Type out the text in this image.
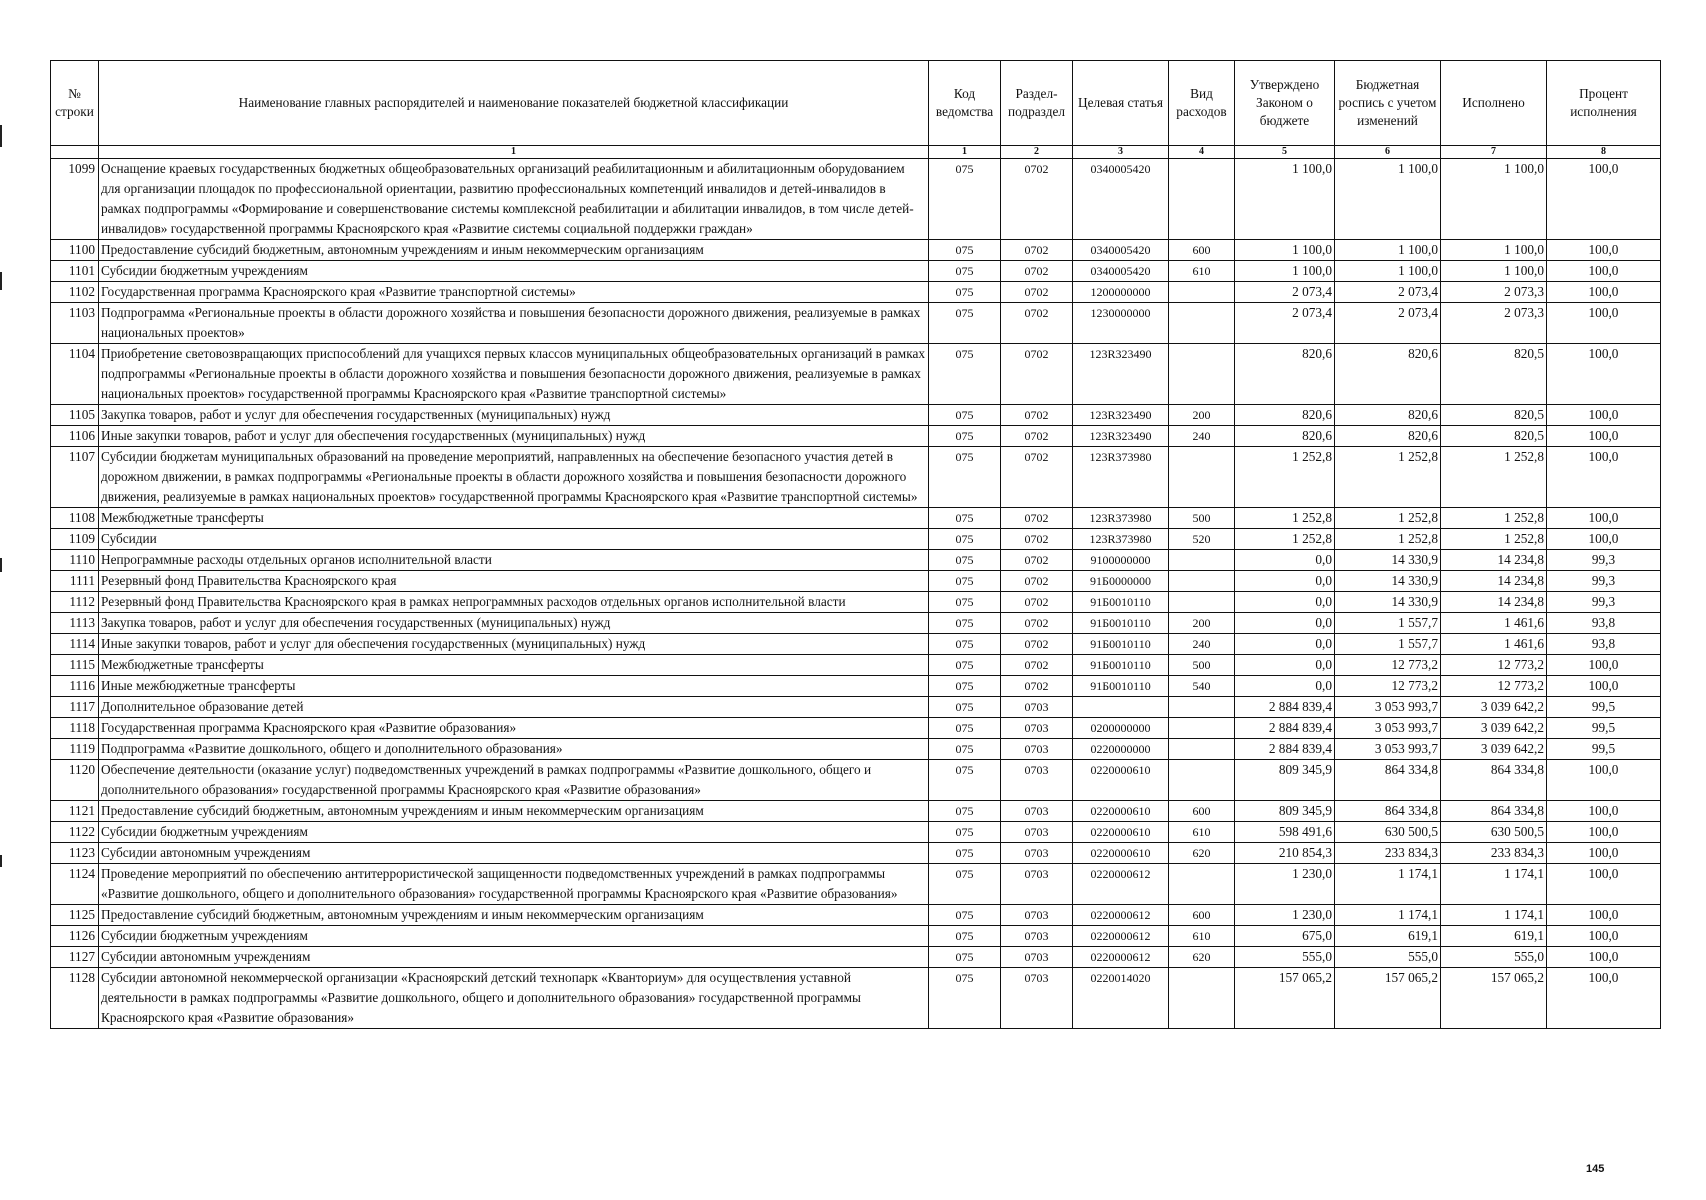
№ строки	Наименование главных распорядителей и наименование показателей бюджетной классификации	Код ведомства	Раздел-подраздел	Целевая статья	Вид расходов	Утверждено Законом о бюджете	Бюджетная роспись с учетом изменений	Исполнено	Процент исполнения
	1	1	2	3	4	5	6	7	8
1099	Оснащение краевых государственных бюджетных общеобразовательных организаций реабилитационным и абилитационным оборудованием для организации площадок по профессиональной ориентации, развитию профессиональных компетенций инвалидов и детей-инвалидов в рамках подпрограммы «Формирование и совершенствование системы комплексной реабилитации и абилитации инвалидов, в том числе детей-инвалидов» государственной программы Красноярского края «Развитие системы социальной поддержки граждан»	075	0702	0340005420		1 100,0	1 100,0	1 100,0	100,0
1100	Предоставление субсидий бюджетным, автономным учреждениям и иным некоммерческим организациям	075	0702	0340005420	600	1 100,0	1 100,0	1 100,0	100,0
1101	Субсидии бюджетным учреждениям	075	0702	0340005420	610	1 100,0	1 100,0	1 100,0	100,0
1102	Государственная программа Красноярского края «Развитие транспортной системы»	075	0702	1200000000		2 073,4	2 073,4	2 073,3	100,0
1103	Подпрограмма «Региональные проекты в области дорожного хозяйства и повышения безопасности дорожного движения, реализуемые в рамках национальных проектов»	075	0702	1230000000		2 073,4	2 073,4	2 073,3	100,0
1104	Приобретение световозвращающих приспособлений для учащихся первых классов муниципальных общеобразовательных организаций в рамках подпрограммы «Региональные проекты в области дорожного хозяйства и повышения безопасности дорожного движения, реализуемые в рамках национальных проектов» государственной программы Красноярского края «Развитие транспортной системы»	075	0702	123R323490		820,6	820,6	820,5	100,0
1105	Закупка товаров, работ и услуг для обеспечения государственных (муниципальных) нужд	075	0702	123R323490	200	820,6	820,6	820,5	100,0
1106	Иные закупки товаров, работ и услуг для обеспечения государственных (муниципальных) нужд	075	0702	123R323490	240	820,6	820,6	820,5	100,0
1107	Субсидии бюджетам муниципальных образований на проведение мероприятий, направленных на обеспечение безопасного участия детей в дорожном движении, в рамках подпрограммы «Региональные проекты в области дорожного хозяйства и повышения безопасности дорожного движения, реализуемые в рамках национальных проектов» государственной программы Красноярского края «Развитие транспортной системы»	075	0702	123R373980		1 252,8	1 252,8	1 252,8	100,0
1108	Межбюджетные трансферты	075	0702	123R373980	500	1 252,8	1 252,8	1 252,8	100,0
1109	Субсидии	075	0702	123R373980	520	1 252,8	1 252,8	1 252,8	100,0
1110	Непрограммные расходы отдельных органов исполнительной власти	075	0702	9100000000		0,0	14 330,9	14 234,8	99,3
1111	Резервный фонд Правительства Красноярского края	075	0702	91Б0000000		0,0	14 330,9	14 234,8	99,3
1112	Резервный фонд Правительства Красноярского края в рамках непрограммных расходов отдельных органов исполнительной власти	075	0702	91Б0010110		0,0	14 330,9	14 234,8	99,3
1113	Закупка товаров, работ и услуг для обеспечения государственных (муниципальных) нужд	075	0702	91Б0010110	200	0,0	1 557,7	1 461,6	93,8
1114	Иные закупки товаров, работ и услуг для обеспечения государственных (муниципальных) нужд	075	0702	91Б0010110	240	0,0	1 557,7	1 461,6	93,8
1115	Межбюджетные трансферты	075	0702	91Б0010110	500	0,0	12 773,2	12 773,2	100,0
1116	Иные межбюджетные трансферты	075	0702	91Б0010110	540	0,0	12 773,2	12 773,2	100,0
1117	Дополнительное образование детей	075	0703			2 884 839,4	3 053 993,7	3 039 642,2	99,5
1118	Государственная программа Красноярского края «Развитие образования»	075	0703	0200000000		2 884 839,4	3 053 993,7	3 039 642,2	99,5
1119	Подпрограмма «Развитие дошкольного, общего и дополнительного образования»	075	0703	0220000000		2 884 839,4	3 053 993,7	3 039 642,2	99,5
1120	Обеспечение деятельности (оказание услуг) подведомственных учреждений в рамках подпрограммы «Развитие дошкольного, общего и дополнительного образования» государственной программы Красноярского края «Развитие образования»	075	0703	0220000610		809 345,9	864 334,8	864 334,8	100,0
1121	Предоставление субсидий бюджетным, автономным учреждениям и иным некоммерческим организациям	075	0703	0220000610	600	809 345,9	864 334,8	864 334,8	100,0
1122	Субсидии бюджетным учреждениям	075	0703	0220000610	610	598 491,6	630 500,5	630 500,5	100,0
1123	Субсидии автономным учреждениям	075	0703	0220000610	620	210 854,3	233 834,3	233 834,3	100,0
1124	Проведение мероприятий по обеспечению антитеррористической защищенности подведомственных учреждений в рамках подпрограммы «Развитие дошкольного, общего и дополнительного образования» государственной программы Красноярского края «Развитие образования»	075	0703	0220000612		1 230,0	1 174,1	1 174,1	100,0
1125	Предоставление субсидий бюджетным, автономным учреждениям и иным некоммерческим организациям	075	0703	0220000612	600	1 230,0	1 174,1	1 174,1	100,0
1126	Субсидии бюджетным учреждениям	075	0703	0220000612	610	675,0	619,1	619,1	100,0
1127	Субсидии автономным учреждениям	075	0703	0220000612	620	555,0	555,0	555,0	100,0
1128	Субсидии автономной некоммерческой организации «Красноярский детский технопарк «Кванториум» для осуществления уставной деятельности в рамках подпрограммы «Развитие дошкольного, общего и дополнительного образования» государственной программы Красноярского края «Развитие образования»	075	0703	0220014020		157 065,2	157 065,2	157 065,2	100,0
145
